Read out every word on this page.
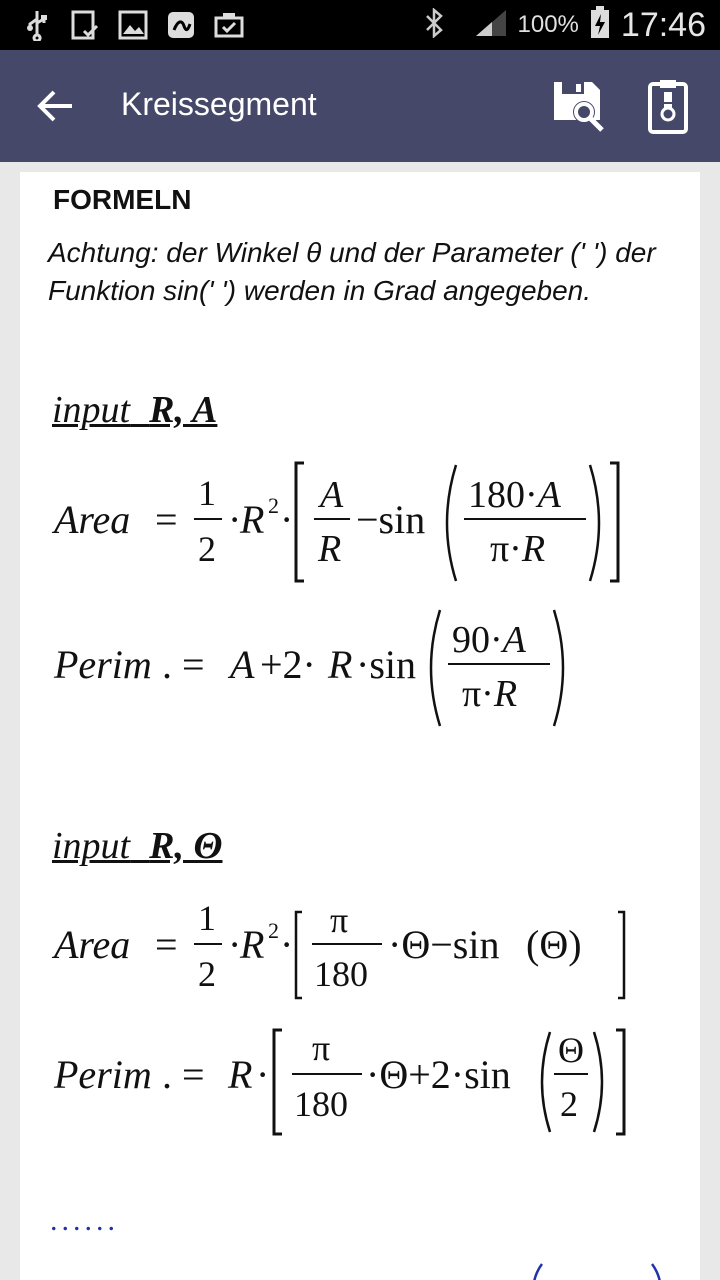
100% 17:46
Kreissegment
FORMELN
Achtung: der Winkel θ und der Parameter (' ') der Funktion sin(' ') werden in Grad angegeben.
input R, A
Area =
1
2
·
R 2 ·
A
R
−sin
180·A
π·R
Perim . = A +2· R ·sin
90·A
π·R
input R, Θ
Area =
1
2
·
R 2 ·
π
180
·Θ−sin (Θ)
Perim . = R ·
π
180
·Θ+2·sin
Θ
2
......
